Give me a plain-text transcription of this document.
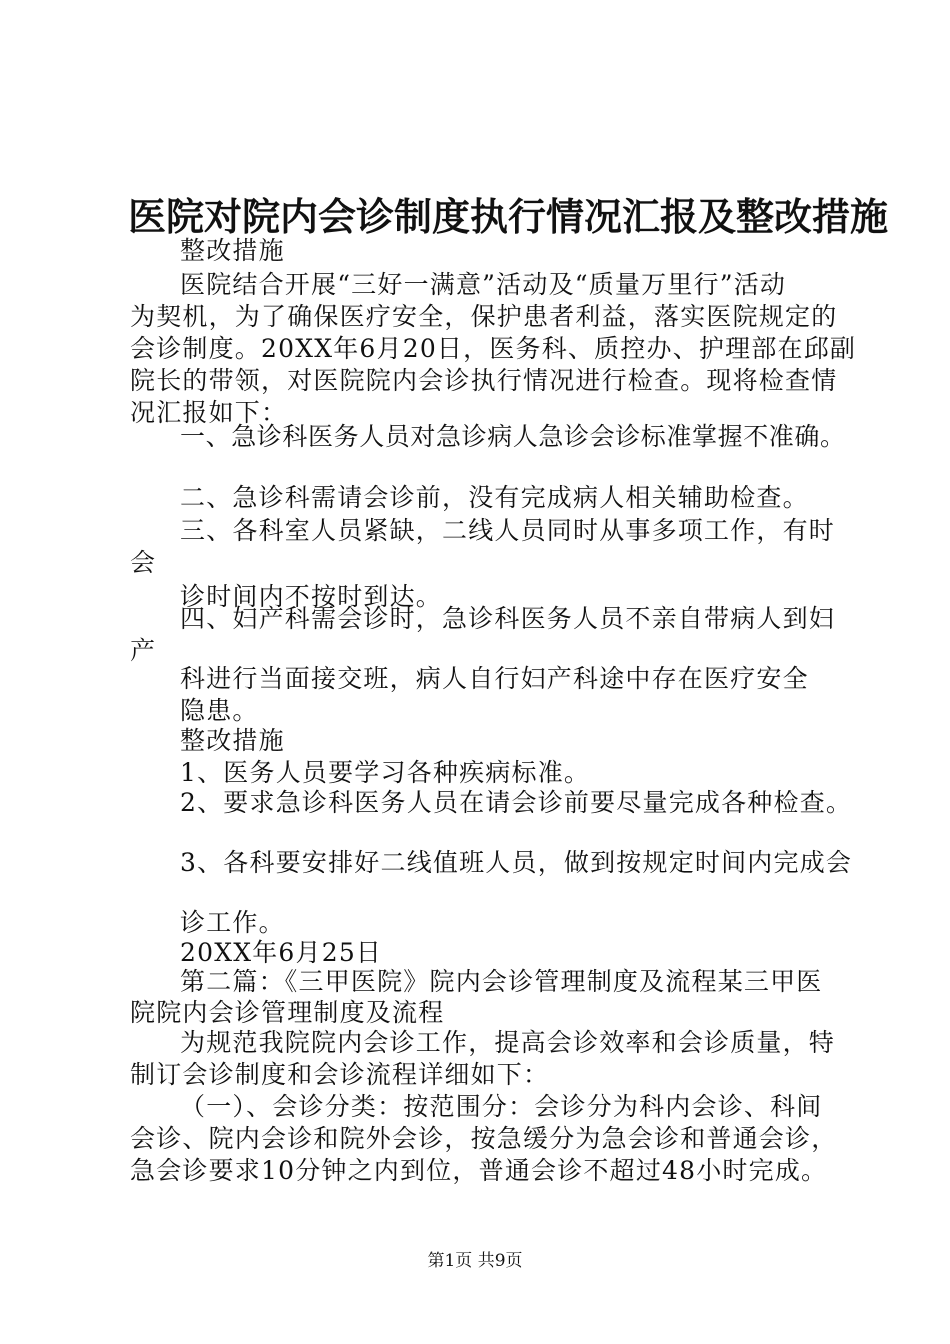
医院对院内会诊制度执行情况汇报及整改措施
整改措施
医院结合开展“三好一满意”活动及“质量万里行”活动
为契机，为了确保医疗安全，保护患者利益，落实医院规定的
会诊制度。20XX年6月20日，医务科、质控办、护理部在邱副
院长的带领，对医院院内会诊执行情况进行检查。现将检查情
况汇报如下：
一、急诊科医务人员对急诊病人急诊会诊标准掌握不准确。
二、急诊科需请会诊前，没有完成病人相关辅助检查。
三、各科室人员紧缺，二线人员同时从事多项工作，有时
会
诊时间内不按时到达。
四、妇产科需会诊时，急诊科医务人员不亲自带病人到妇
产
科进行当面接交班，病人自行妇产科途中存在医疗安全
隐患。
整改措施
1、医务人员要学习各种疾病标准。
2、要求急诊科医务人员在请会诊前要尽量完成各种检查。
3、各科要安排好二线值班人员，做到按规定时间内完成会
诊工作。
20XX年6月25日
第二篇：《三甲医院》院内会诊管理制度及流程某三甲医
院院内会诊管理制度及流程
为规范我院院内会诊工作，提高会诊效率和会诊质量，特
制订会诊制度和会诊流程详细如下：
（一）、会诊分类：按范围分：会诊分为科内会诊、科间
会诊、院内会诊和院外会诊，按急缓分为急会诊和普通会诊，
急会诊要求10分钟之内到位，普通会诊不超过48小时完成。
第1页 共9页
